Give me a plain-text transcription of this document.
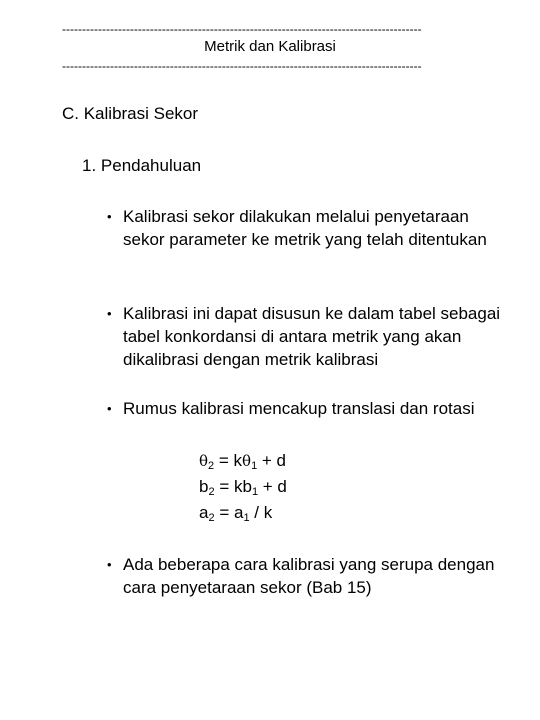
------------------------------------------------------------------------------------------
Metrik dan Kalibrasi
------------------------------------------------------------------------------------------
C. Kalibrasi Sekor
1. Pendahuluan
• Kalibrasi sekor dilakukan melalui penyetaraan sekor parameter ke metrik yang telah ditentukan
• Kalibrasi ini dapat disusun ke dalam tabel sebagai tabel konkordansi di antara metrik yang akan dikalibrasi dengan metrik kalibrasi
• Rumus kalibrasi mencakup translasi dan rotasi
$\theta_2 = k\theta_1 + d$
$b_2 = kb_1 + d$
$a_2 = a_1 / k$
• Ada beberapa cara kalibrasi yang serupa dengan cara penyetaraan sekor (Bab 15)
